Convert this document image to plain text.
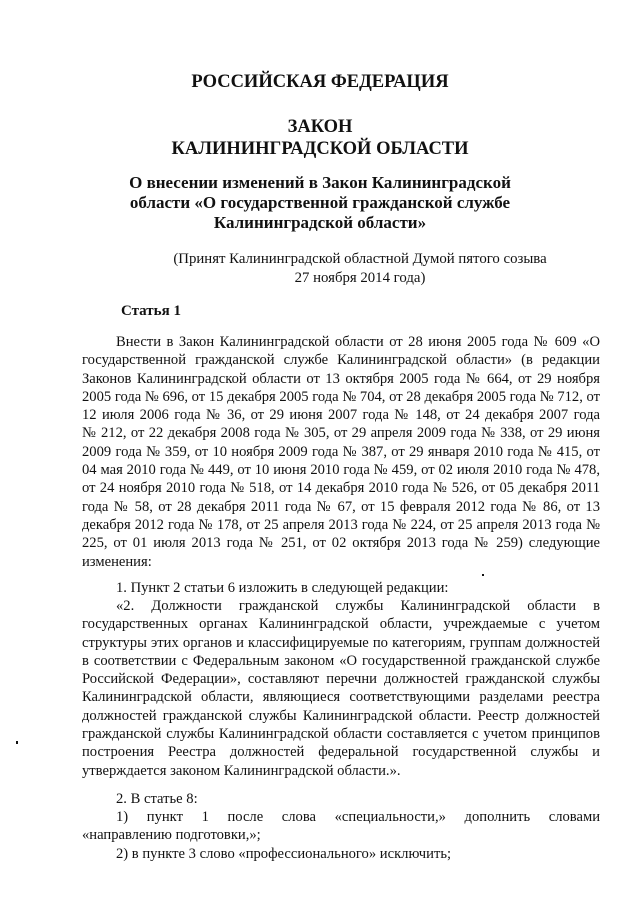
РОССИЙСКАЯ ФЕДЕРАЦИЯ
ЗАКОН
КАЛИНИНГРАДСКОЙ ОБЛАСТИ
О внесении изменений в Закон Калининградской
области «О государственной гражданской службе
Калининградской области»
(Принят Калининградской областной Думой пятого созыва
27 ноября 2014 года)
Статья 1
Внести в Закон Калининградской области от 28 июня 2005 года № 609 «О
государственной гражданской службе Калининградской области» (в редакции
Законов Калининградской области от 13 октября 2005 года № 664, от 29 ноября
2005 года № 696, от 15 декабря 2005 года № 704, от 28 декабря 2005 года № 712, от
12 июля 2006 года № 36, от 29 июня 2007 года № 148, от 24 декабря 2007 года
№ 212, от 22 декабря 2008 года № 305, от 29 апреля 2009 года № 338, от 29 июня
2009 года № 359, от 10 ноября 2009 года № 387, от 29 января 2010 года № 415, от
04 мая 2010 года № 449, от 10 июня 2010 года № 459, от 02 июля 2010 года № 478,
от 24 ноября 2010 года № 518, от 14 декабря 2010 года № 526, от 05 декабря 2011
года № 58, от 28 декабря 2011 года № 67, от 15 февраля 2012 года № 86, от 13
декабря 2012 года № 178, от 25 апреля 2013 года № 224, от 25 апреля 2013 года №
225, от 01 июля 2013 года № 251, от 02 октября 2013 года № 259) следующие
изменения:
1. Пункт 2 статьи 6 изложить в следующей редакции:
«2. Должности гражданской службы Калининградской области в
государственных органах Калининградской области, учреждаемые с учетом
структуры этих органов и классифицируемые по категориям, группам должностей
в соответствии с Федеральным законом «О государственной гражданской службе
Российской Федерации», составляют перечни должностей гражданской службы
Калининградской области, являющиеся соответствующими разделами реестра
должностей гражданской службы Калининградской области. Реестр должностей
гражданской службы Калининградской области составляется с учетом принципов
построения Реестра должностей федеральной государственной службы и
утверждается законом Калининградской области.».
2. В статье 8:
1) пункт 1 после слова «специальности,» дополнить словами
«направлению подготовки,»;
2) в пункте 3 слово «профессионального» исключить;
